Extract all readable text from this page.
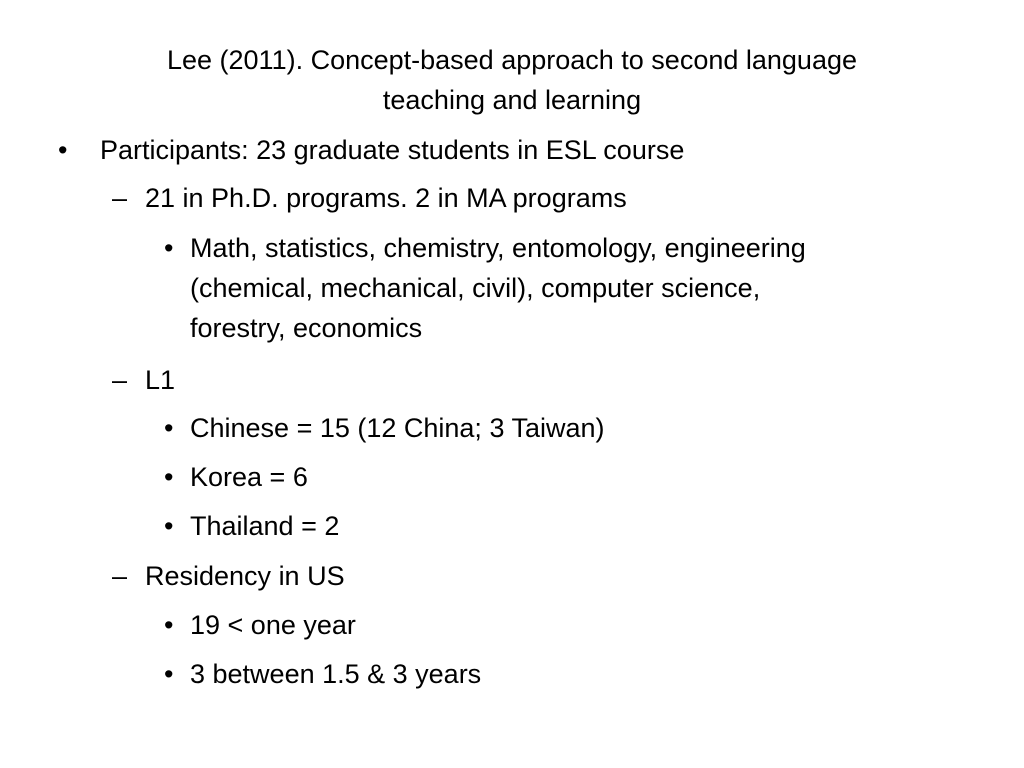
Lee (2011). Concept-based approach to second language
teaching and learning
• Participants: 23 graduate students in ESL course
– 21 in Ph.D. programs. 2 in MA programs
• Math, statistics, chemistry, entomology, engineering
(chemical, mechanical, civil), computer science,
forestry, economics
– L1
• Chinese = 15 (12 China; 3 Taiwan)
• Korea = 6
• Thailand = 2
– Residency in US
• 19 < one year
• 3 between 1.5 & 3 years
